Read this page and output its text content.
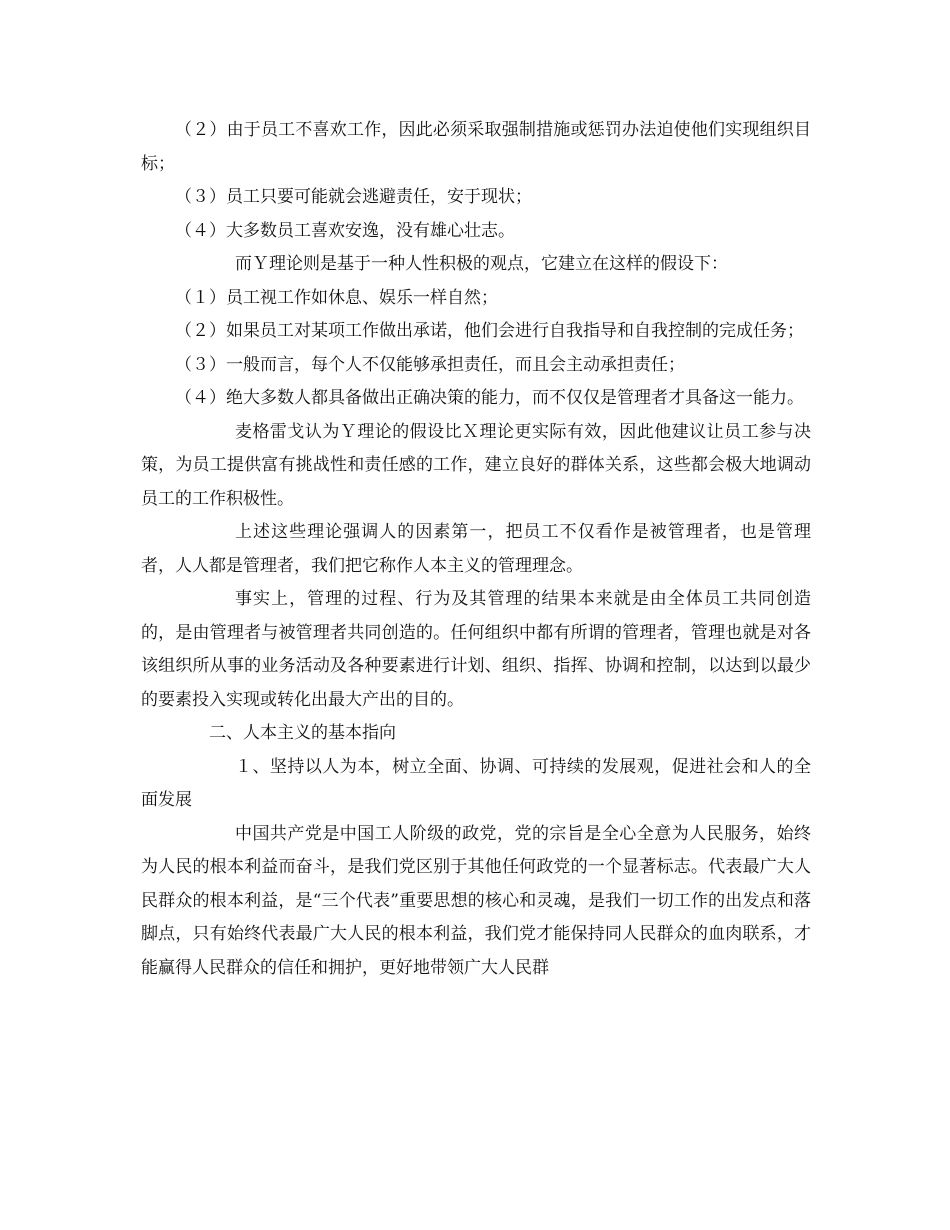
（２）由于员工不喜欢工作，因此必须采取强制措施或惩罚办法迫使他们实现组织目标；

（３）员工只要可能就会逃避责任，安于现状；

（４）大多数员工喜欢安逸，没有雄心壮志。

而Ｙ理论则是基于一种人性积极的观点，它建立在这样的假设下：

（１）员工视工作如休息、娱乐一样自然；

（２）如果员工对某项工作做出承诺，他们会进行自我指导和自我控制的完成任务；

（３）一般而言，每个人不仅能够承担责任，而且会主动承担责任；

（４）绝大多数人都具备做出正确决策的能力，而不仅仅是管理者才具备这一能力。

麦格雷戈认为Ｙ理论的假设比Ｘ理论更实际有效，因此他建议让员工参与决策，为员工提供富有挑战性和责任感的工作，建立良好的群体关系，这些都会极大地调动员工的工作积极性。

上述这些理论强调人的因素第一，把员工不仅看作是被管理者，也是管理者，人人都是管理者，我们把它称作人本主义的管理理念。

事实上，管理的过程、行为及其管理的结果本来就是由全体员工共同创造的，是由管理者与被管理者共同创造的。任何组织中都有所谓的管理者，管理也就是对各该组织所从事的业务活动及各种要素进行计划、组织、指挥、协调和控制，以达到以最少的要素投入实现或转化出最大产出的目的。

二、人本主义的基本指向

１、坚持以人为本，树立全面、协调、可持续的发展观，促进社会和人的全面发展

中国共产党是中国工人阶级的政党，党的宗旨是全心全意为人民服务，始终为人民的根本利益而奋斗，是我们党区别于其他任何政党的一个显著标志。代表最广大人民群众的根本利益，是“三个代表”重要思想的核心和灵魂，是我们一切工作的出发点和落脚点，只有始终代表最广大人民的根本利益，我们党才能保持同人民群众的血肉联系，才能赢得人民群众的信任和拥护，更好地带领广大人民群
